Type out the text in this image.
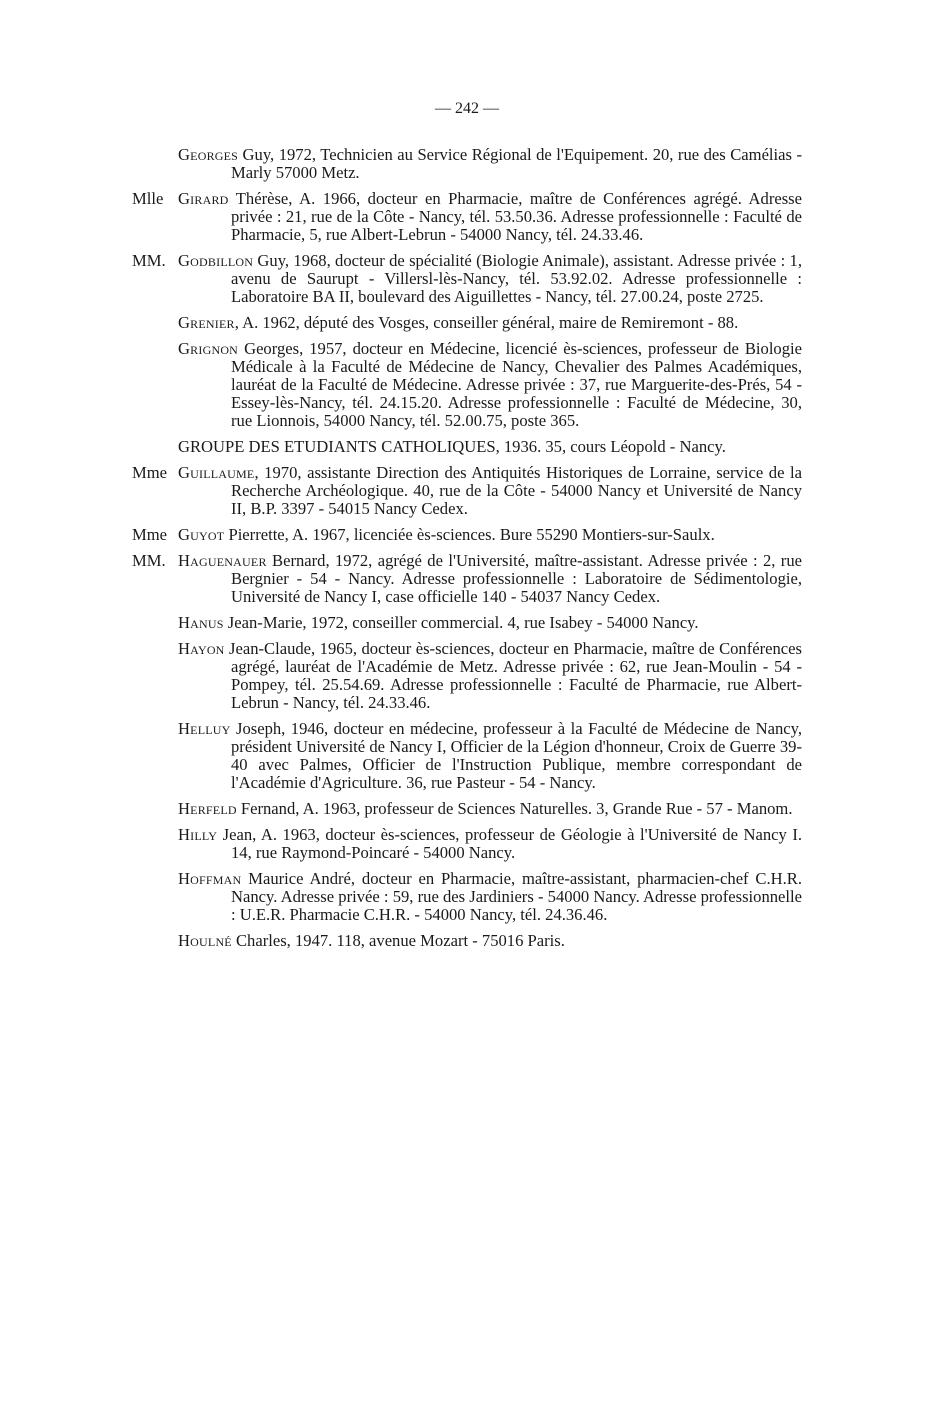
— 242 —
Georges Guy, 1972, Technicien au Service Régional de l'Equipement. 20, rue des Camélias - Marly 57000 Metz.
Mlle Girard Thérèse, A. 1966, docteur en Pharmacie, maître de Conférences agrégé. Adresse privée : 21, rue de la Côte - Nancy, tél. 53.50.36. Adresse professionnelle : Faculté de Pharmacie, 5, rue Albert-Lebrun - 54000 Nancy, tél. 24.33.46.
MM. Godbillon Guy, 1968, docteur de spécialité (Biologie Animale), assistant. Adresse privée : 1, avenu de Saurupt - Villersl-lès-Nancy, tél. 53.92.02. Adresse professionnelle : Laboratoire BA II, boulevard des Aiguillettes - Nancy, tél. 27.00.24, poste 2725.
Grenier, A. 1962, député des Vosges, conseiller général, maire de Remiremont - 88.
Grignon Georges, 1957, docteur en Médecine, licencié ès-sciences, professeur de Biologie Médicale à la Faculté de Médecine de Nancy, Chevalier des Palmes Académiques, lauréat de la Faculté de Médecine. Adresse privée : 37, rue Marguerite-des-Prés, 54 - Essey-lès-Nancy, tél. 24.15.20. Adresse professionnelle : Faculté de Médecine, 30, rue Lionnois, 54000 Nancy, tél. 52.00.75, poste 365.
GROUPE DES ETUDIANTS CATHOLIQUES, 1936. 35, cours Léopold - Nancy.
Mme Guillaume, 1970, assistante Direction des Antiquités Historiques de Lorraine, service de la Recherche Archéologique. 40, rue de la Côte - 54000 Nancy et Université de Nancy II, B.P. 3397 - 54015 Nancy Cedex.
Mme Guyot Pierrette, A. 1967, licenciée ès-sciences. Bure 55290 Montiers-sur-Saulx.
MM. Haguenauer Bernard, 1972, agrégé de l'Université, maître-assistant. Adresse privée : 2, rue Bergnier - 54 - Nancy. Adresse professionnelle : Laboratoire de Sédimentologie, Université de Nancy I, case officielle 140 - 54037 Nancy Cedex.
Hanus Jean-Marie, 1972, conseiller commercial. 4, rue Isabey - 54000 Nancy.
Hayon Jean-Claude, 1965, docteur ès-sciences, docteur en Pharmacie, maître de Conférences agrégé, lauréat de l'Académie de Metz. Adresse privée : 62, rue Jean-Moulin - 54 - Pompey, tél. 25.54.69. Adresse professionnelle : Faculté de Pharmacie, rue Albert-Lebrun - Nancy, tél. 24.33.46.
Helluy Joseph, 1946, docteur en médecine, professeur à la Faculté de Médecine de Nancy, président Université de Nancy I, Officier de la Légion d'honneur, Croix de Guerre 39-40 avec Palmes, Officier de l'Instruction Publique, membre correspondant de l'Académie d'Agriculture. 36, rue Pasteur - 54 - Nancy.
Herfeld Fernand, A. 1963, professeur de Sciences Naturelles. 3, Grande Rue - 57 - Manom.
Hilly Jean, A. 1963, docteur ès-sciences, professeur de Géologie à l'Université de Nancy I. 14, rue Raymond-Poincaré - 54000 Nancy.
Hoffman Maurice André, docteur en Pharmacie, maître-assistant, pharmacien-chef C.H.R. Nancy. Adresse privée : 59, rue des Jardiniers - 54000 Nancy. Adresse professionnelle : U.E.R. Pharmacie C.H.R. - 54000 Nancy, tél. 24.36.46.
Houlné Charles, 1947. 118, avenue Mozart - 75016 Paris.
